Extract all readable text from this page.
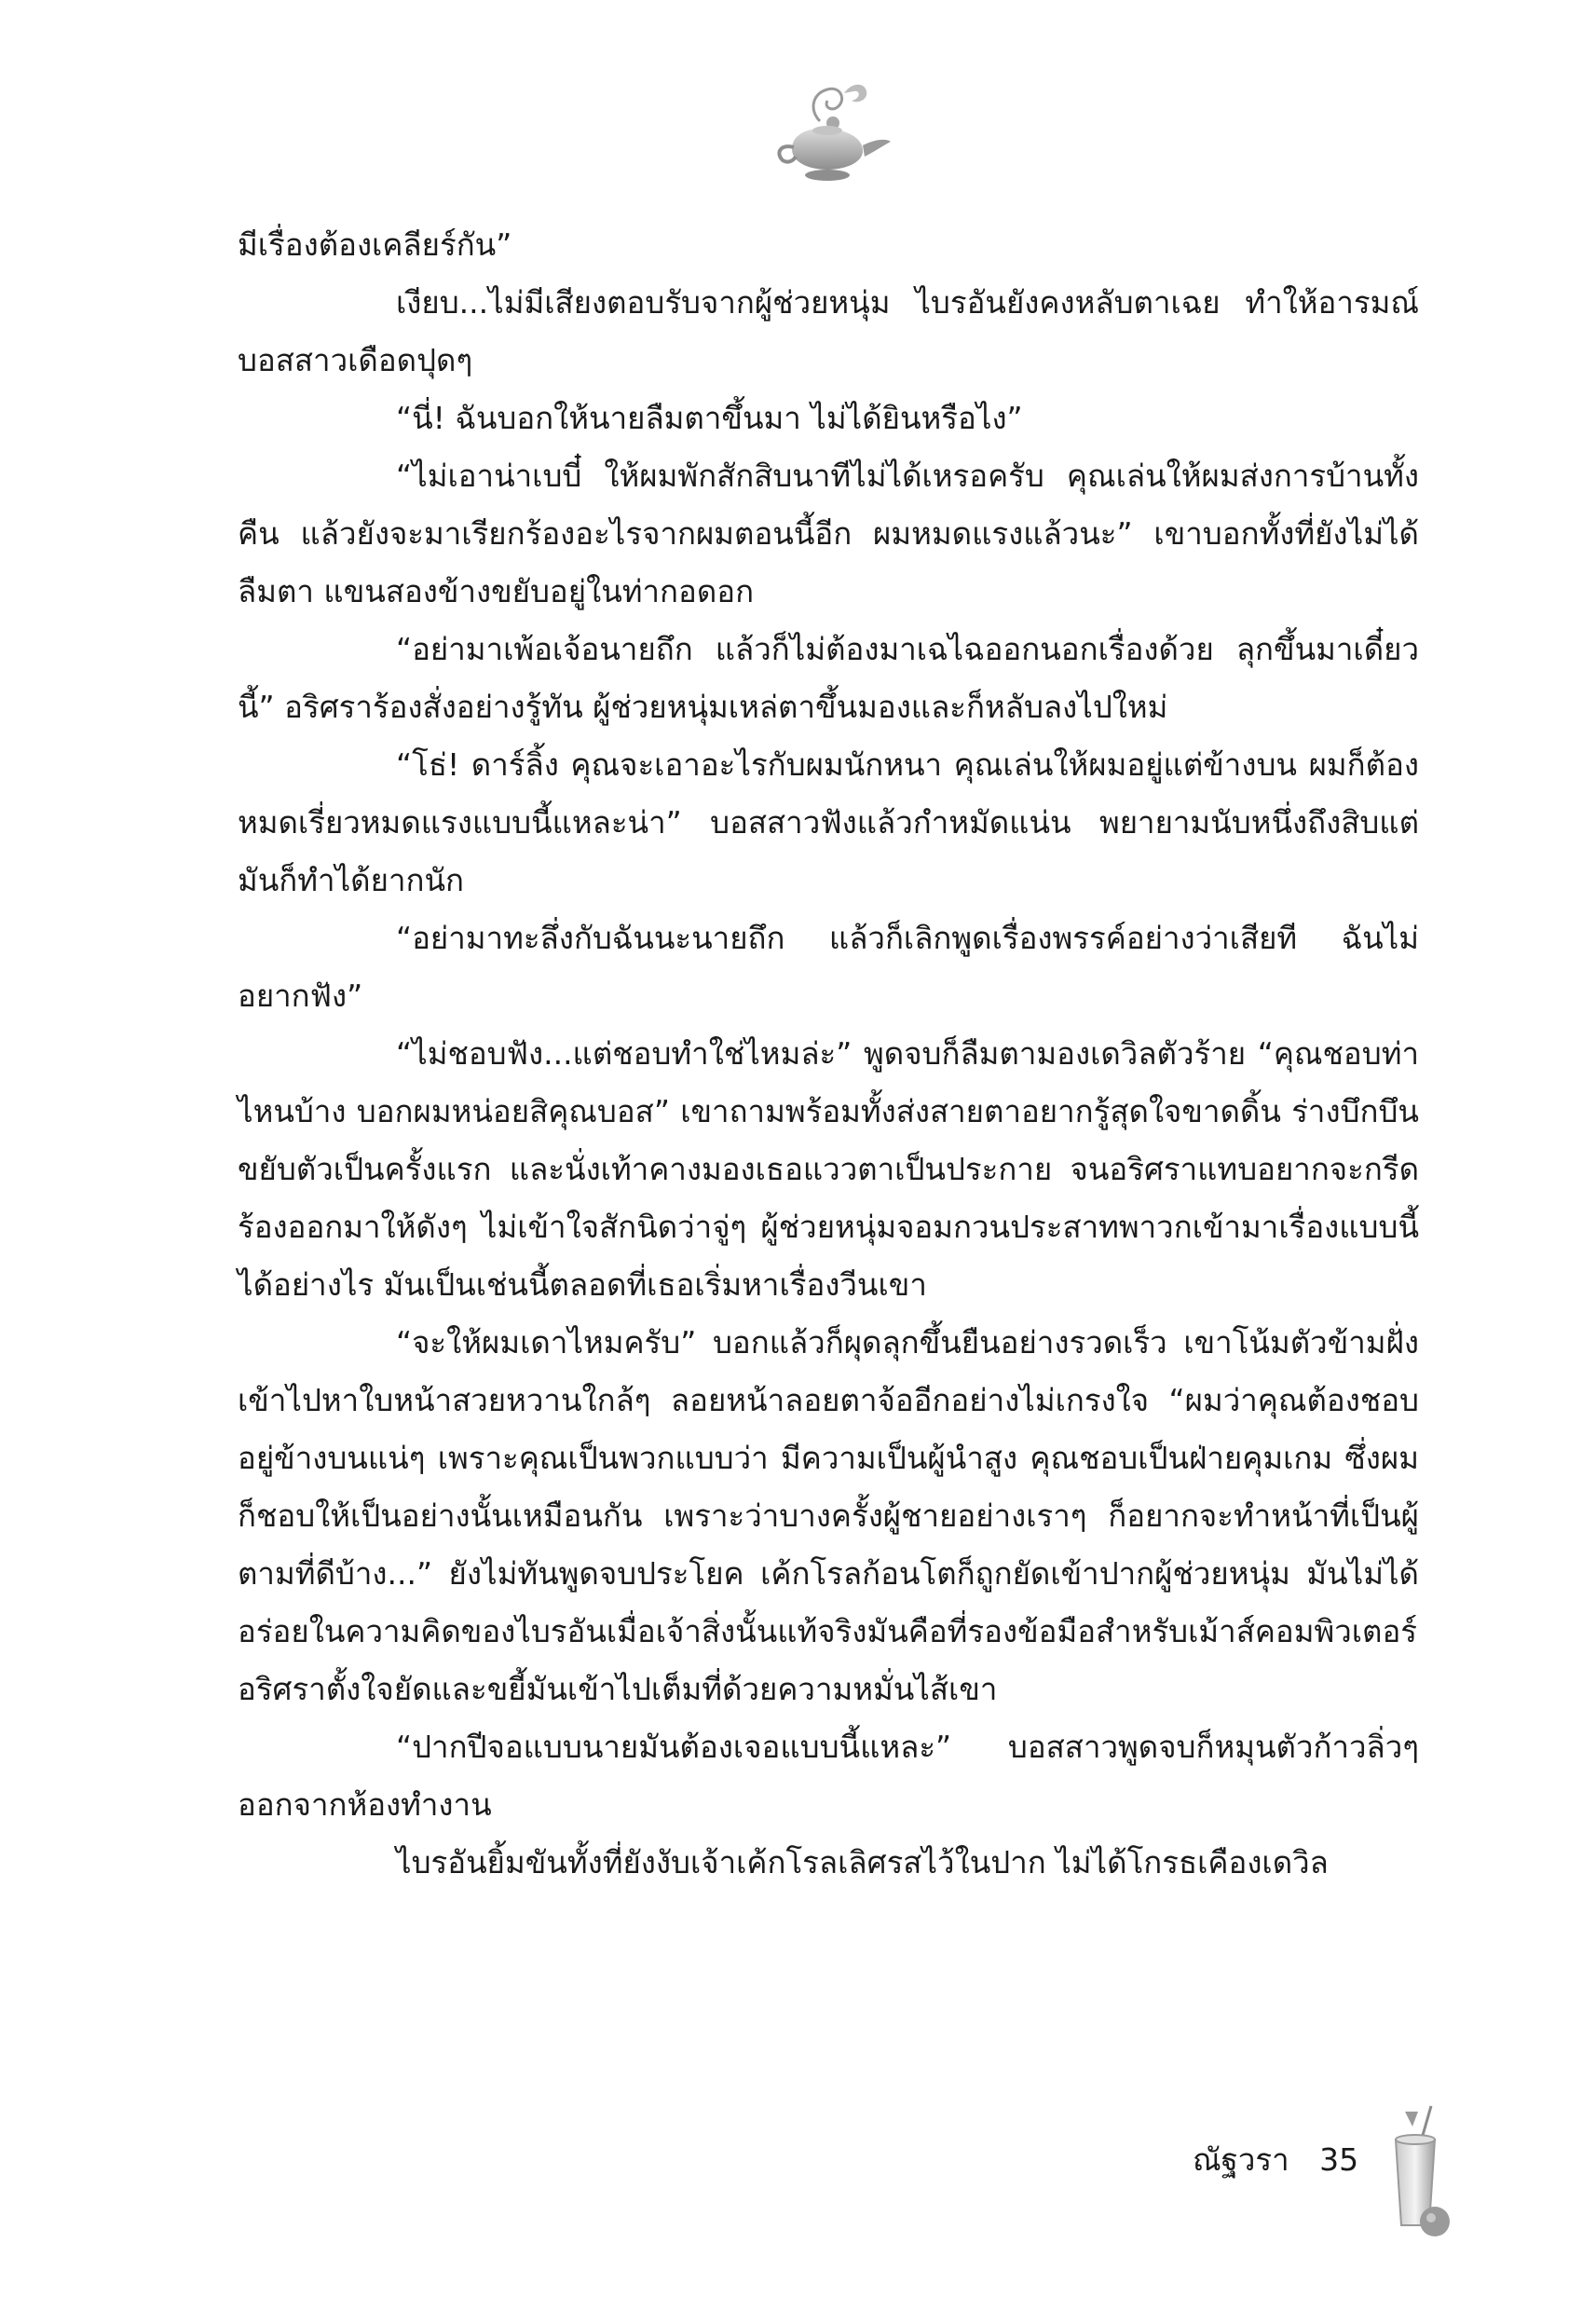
มีเรื่องต้องเคลียร์กัน”

เงียบ...ไม่มีเสียงตอบรับจากผู้ช่วยหนุ่ม ไบรอันยังคงหลับตาเฉย ทำให้อารมณ์บอสสาวเดือดปุดๆ

“นี่! ฉันบอกให้นายลืมตาขึ้นมา ไม่ได้ยินหรือไง”

“ไม่เอาน่าเบบี๋ ให้ผมพักสักสิบนาทีไม่ได้เหรอครับ คุณเล่นให้ผมส่งการบ้านทั้งคืน แล้วยังจะมาเรียกร้องอะไรจากผมตอนนี้อีก ผมหมดแรงแล้วนะ” เขาบอกทั้งที่ยังไม่ได้ลืมตา แขนสองข้างขยับอยู่ในท่ากอดอก

“อย่ามาเพ้อเจ้อนายถึก แล้วก็ไม่ต้องมาเฉไฉออกนอกเรื่องด้วย ลุกขึ้นมาเดี๋ยวนี้” อริศราร้องสั่งอย่างรู้ทัน ผู้ช่วยหนุ่มเหล่ตาขึ้นมองและก็หลับลงไปใหม่

“โธ่! ดาร์ลิ้ง คุณจะเอาอะไรกับผมนักหนา คุณเล่นให้ผมอยู่แต่ข้างบน ผมก็ต้องหมดเรี่ยวหมดแรงแบบนี้แหละน่า” บอสสาวฟังแล้วกำหมัดแน่น พยายามนับหนึ่งถึงสิบแต่มันก็ทำได้ยากนัก

“อย่ามาทะลึ่งกับฉันนะนายถึก แล้วก็เลิกพูดเรื่องพรรค์อย่างว่าเสียที ฉันไม่อยากฟัง”

“ไม่ชอบฟัง...แต่ชอบทำใช่ไหมล่ะ” พูดจบก็ลืมตามองเดวิลตัวร้าย “คุณชอบท่าไหนบ้าง บอกผมหน่อยสิคุณบอส” เขาถามพร้อมทั้งส่งสายตาอยากรู้สุดใจขาดดิ้น ร่างบึกบึนขยับตัวเป็นครั้งแรก และนั่งเท้าคางมองเธอแววตาเป็นประกาย จนอริศราแทบอยากจะกรีดร้องออกมาให้ดังๆ ไม่เข้าใจสักนิดว่าจู่ๆ ผู้ช่วยหนุ่มจอมกวนประสาทพาวกเข้ามาเรื่องแบบนี้ได้อย่างไร มันเป็นเช่นนี้ตลอดที่เธอเริ่มหาเรื่องวีนเขา

“จะให้ผมเดาไหมครับ” บอกแล้วก็ผุดลุกขึ้นยืนอย่างรวดเร็ว เขาโน้มตัวข้ามฝั่งเข้าไปหาใบหน้าสวยหวานใกล้ๆ ลอยหน้าลอยตาจ้ออีกอย่างไม่เกรงใจ “ผมว่าคุณต้องชอบอยู่ข้างบนแน่ๆ เพราะคุณเป็นพวกแบบว่า มีความเป็นผู้นำสูง คุณชอบเป็นฝ่ายคุมเกม ซึ่งผมก็ชอบให้เป็นอย่างนั้นเหมือนกัน เพราะว่าบางครั้งผู้ชายอย่างเราๆ ก็อยากจะทำหน้าที่เป็นผู้ตามที่ดีบ้าง...” ยังไม่ทันพูดจบประโยค เค้กโรลก้อนโตก็ถูกยัดเข้าปากผู้ช่วยหนุ่ม มันไม่ได้อร่อยในความคิดของไบรอันเมื่อเจ้าสิ่งนั้นแท้จริงมันคือที่รองข้อมือสำหรับเม้าส์คอมพิวเตอร์ อริศราตั้งใจยัดและขยี้มันเข้าไปเต็มที่ด้วยความหมั่นไส้เขา

“ปากปีจอแบบนายมันต้องเจอแบบนี้แหละ” บอสสาวพูดจบก็หมุนตัวก้าวลิ่วๆ ออกจากห้องทำงาน

ไบรอันยิ้มขันทั้งที่ยังงับเจ้าเค้กโรลเลิศรสไว้ในปาก ไม่ได้โกรธเคืองเดวิล

ณัฐวรา 35
